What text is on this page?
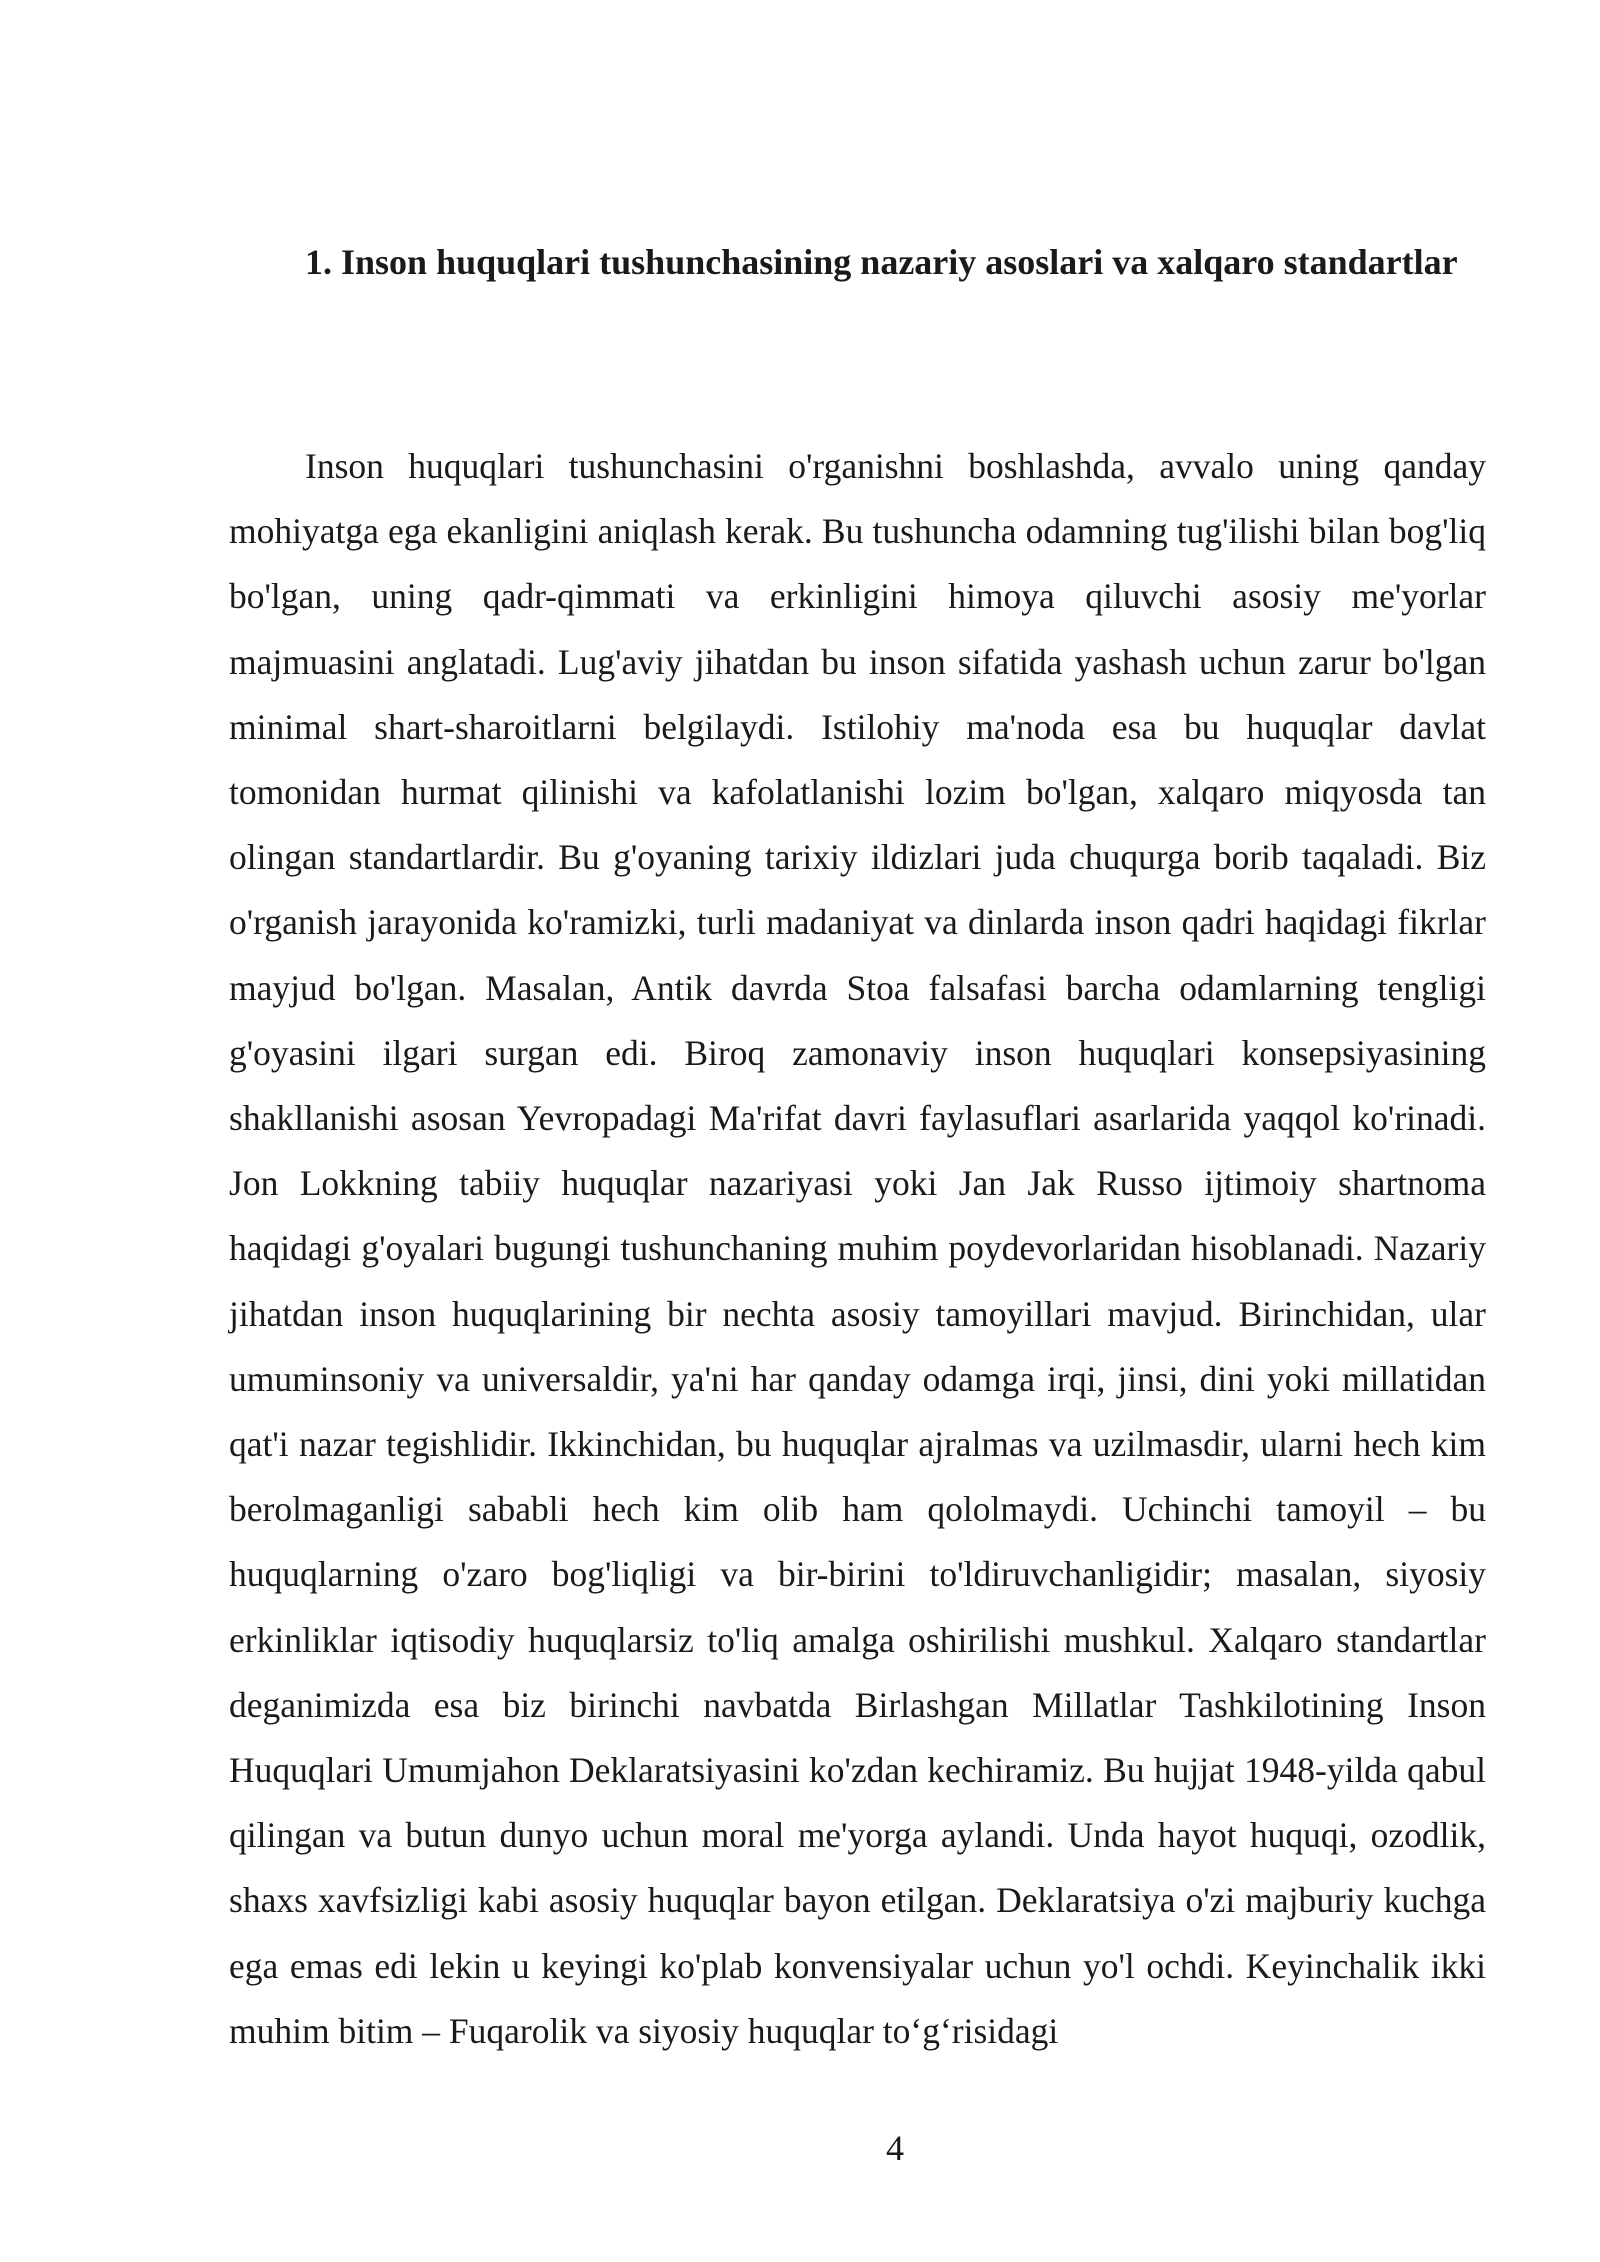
1. Inson huquqlari tushunchasining nazariy asoslari va xalqaro standartlar

Inson huquqlari tushunchasini o'rganishni boshlashda, avvalo uning qanday mohiyatga ega ekanligini aniqlash kerak. Bu tushuncha odamning tug'ilishi bilan bog'liq bo'lgan, uning qadr-qimmati va erkinligini himoya qiluvchi asosiy me'yorlar majmuasini anglatadi. Lug'aviy jihatdan bu inson sifatida yashash uchun zarur bo'lgan minimal shart-sharoitlarni belgilaydi. Istilohiy ma'noda esa bu huquqlar davlat tomonidan hurmat qilinishi va kafolatlanishi lozim bo'lgan, xalqaro miqyosda tan olingan standartlardir. Bu g'oyaning tarixiy ildizlari juda chuqurga borib taqaladi. Biz o'rganish jarayonida ko'ramizki, turli madaniyat va dinlarda inson qadri haqidagi fikrlar mayjud bo'lgan. Masalan, Antik davrda Stoa falsafasi barcha odamlarning tengligi g'oyasini ilgari surgan edi. Biroq zamonaviy inson huquqlari konsepsiyasining shakllanishi asosan Yevropadagi Ma'rifat davri faylasuflari asarlarida yaqqol ko'rinadi. Jon Lokkning tabiiy huquqlar nazariyasi yoki Jan Jak Russo ijtimoiy shartnoma haqidagi g'oyalari bugungi tushunchaning muhim poydevorlaridan hisoblanadi. Nazariy jihatdan inson huquqlarining bir nechta asosiy tamoyillari mavjud. Birinchidan, ular umuminsoniy va universaldir, ya'ni har qanday odamga irqi, jinsi, dini yoki millatidan qat'i nazar tegishlidir. Ikkinchidan, bu huquqlar ajralmas va uzilmasdir, ularni hech kim berolmaganligi sababli hech kim olib ham qololmaydi. Uchinchi tamoyil – bu huquqlarning o'zaro bog'liqligi va bir-birini to'ldiruvchanligidir; masalan, siyosiy erkinliklar iqtisodiy huquqlarsiz to'liq amalga oshirilishi mushkul. Xalqaro standartlar deganimizda esa biz birinchi navbatda Birlashgan Millatlar Tashkilotining Inson Huquqlari Umumjahon Deklaratsiyasini ko'zdan kechiramiz. Bu hujjat 1948-yilda qabul qilingan va butun dunyo uchun moral me'yorga aylandi. Unda hayot huquqi, ozodlik, shaxs xavfsizligi kabi asosiy huquqlar bayon etilgan. Deklaratsiya o'zi majburiy kuchga ega emas edi lekin u keyingi ko'plab konvensiyalar uchun yo'l ochdi. Keyinchalik ikki muhim bitim – Fuqarolik va siyosiy huquqlar to‘g‘risidagi

4
